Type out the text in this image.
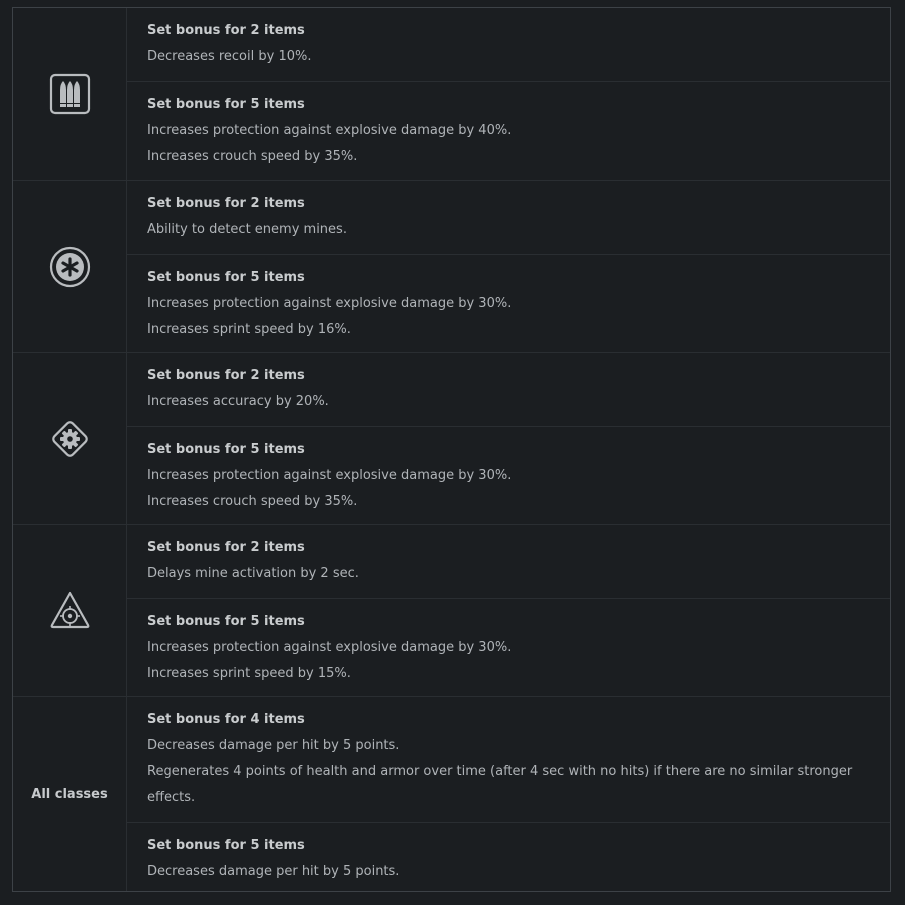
Set bonus for 2 items
Decreases recoil by 10%.
Set bonus for 5 items
Increases protection against explosive damage by 40%.
Increases crouch speed by 35%.
Set bonus for 2 items
Ability to detect enemy mines.
Set bonus for 5 items
Increases protection against explosive damage by 30%.
Increases sprint speed by 16%.
Set bonus for 2 items
Increases accuracy by 20%.
Set bonus for 5 items
Increases protection against explosive damage by 30%.
Increases crouch speed by 35%.
Set bonus for 2 items
Delays mine activation by 2 sec.
Set bonus for 5 items
Increases protection against explosive damage by 30%.
Increases sprint speed by 15%.
All classes
Set bonus for 4 items
Decreases damage per hit by 5 points.
Regenerates 4 points of health and armor over time (after 4 sec with no hits) if there are no similar stronger effects.
Set bonus for 5 items
Decreases damage per hit by 5 points.
